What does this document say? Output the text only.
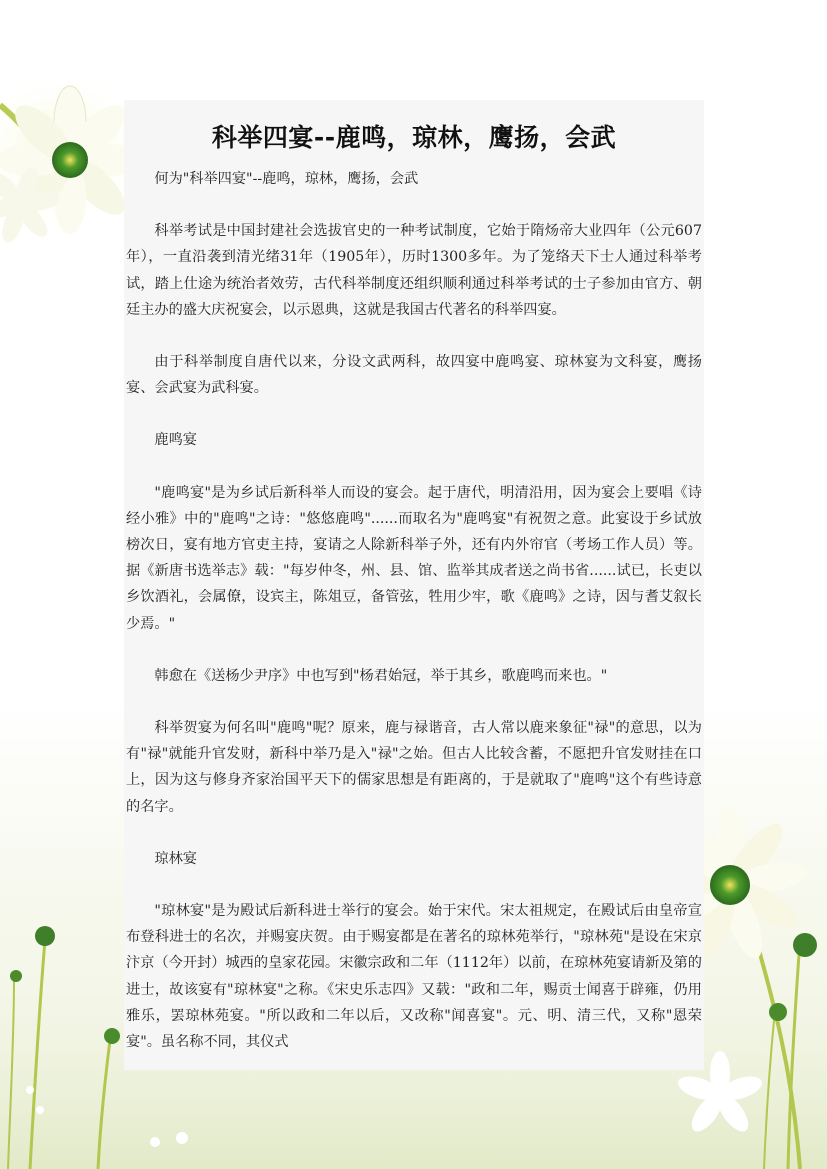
科举四宴--鹿鸣，琼林，鹰扬，会武

何为"科举四宴"--鹿鸣，琼林，鹰扬，会武

科举考试是中国封建社会选拔官史的一种考试制度，它始于隋炀帝大业四年（公元607年），一直沿袭到清光绪31年（1905年），历时1300多年。为了笼络天下士人通过科举考试，踏上仕途为统治者效劳，古代科举制度还组织顺利通过科举考试的士子参加由官方、朝廷主办的盛大庆祝宴会，以示恩典，这就是我国古代著名的科举四宴。

由于科举制度自唐代以来，分设文武两科，故四宴中鹿鸣宴、琼林宴为文科宴，鹰扬宴、会武宴为武科宴。

鹿鸣宴

"鹿鸣宴"是为乡试后新科举人而设的宴会。起于唐代，明清沿用，因为宴会上要唱《诗经小雅》中的"鹿鸣"之诗："悠悠鹿鸣"......而取名为"鹿鸣宴"有祝贺之意。此宴设于乡试放榜次日，宴有地方官吏主持，宴请之人除新科举子外，还有内外帘官（考场工作人员）等。据《新唐书选举志》载："每岁仲冬，州、县、馆、监举其成者送之尚书省......试已，长吏以乡饮酒礼，会属僚，设宾主，陈俎豆，备管弦，牲用少牢，歌《鹿鸣》之诗，因与耆艾叙长少焉。"

韩愈在《送杨少尹序》中也写到"杨君始冠，举于其乡，歌鹿鸣而来也。"

科举贺宴为何名叫"鹿鸣"呢？原来，鹿与禄谐音，古人常以鹿来象征"禄"的意思，以为有"禄"就能升官发财，新科中举乃是入"禄"之始。但古人比较含蓄，不愿把升官发财挂在口上，因为这与修身齐家治国平天下的儒家思想是有距离的，于是就取了"鹿鸣"这个有些诗意的名字。

琼林宴

"琼林宴"是为殿试后新科进士举行的宴会。始于宋代。宋太祖规定，在殿试后由皇帝宣布登科进士的名次，并赐宴庆贺。由于赐宴都是在著名的琼林苑举行，"琼林苑"是设在宋京汴京（今开封）城西的皇家花园。宋徽宗政和二年（1112年）以前，在琼林苑宴请新及第的进士，故该宴有"琼林宴"之称。《宋史乐志四》又载："政和二年，赐贡士闻喜于辟雍，仍用雅乐，罢琼林苑宴。"所以政和二年以后，又改称"闻喜宴"。元、明、清三代，又称"恩荣宴"。虽名称不同，其仪式
